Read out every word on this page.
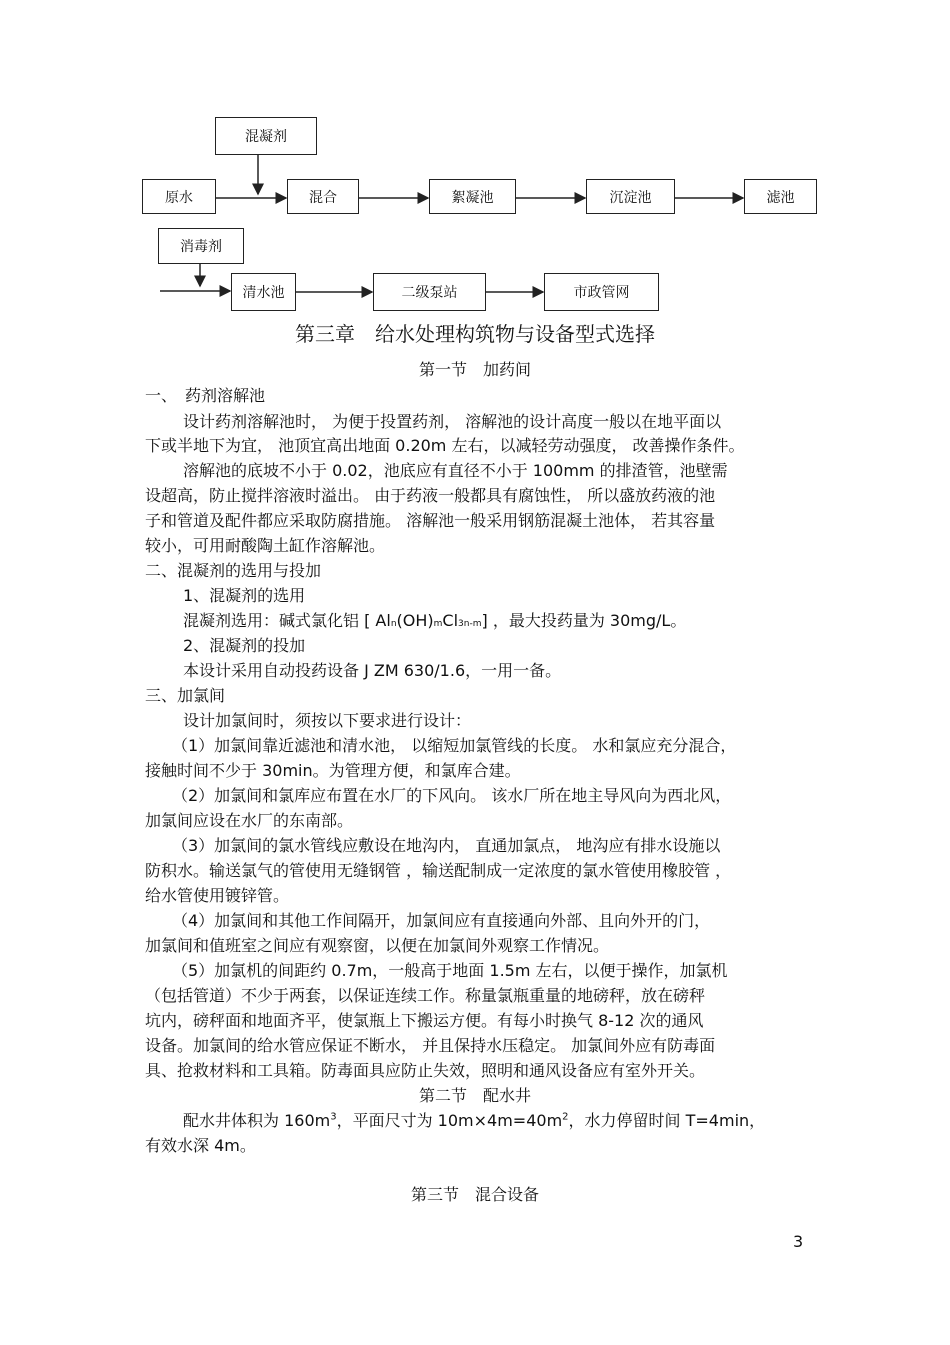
混凝剂
原水	混合	絮凝池	沉淀池	滤池
消毒剂
清水池	二级泵站	市政管网
第三章　给水处理构筑物与设备型式选择
第一节　加药间
一、　药剂溶解池
设计药剂溶解池时， 为便于投置药剂， 溶解池的设计高度一般以在地平面以
下或半地下为宜， 池顶宜高出地面 0.20m 左右，以减轻劳动强度， 改善操作条件。
溶解池的底坡不小于 0.02，池底应有直径不小于 100mm 的排渣管，池壁需
设超高，防止搅拌溶液时溢出。 由于药液一般都具有腐蚀性， 所以盛放药液的池
子和管道及配件都应采取防腐措施。 溶解池一般采用钢筋混凝土池体， 若其容量
较小，可用耐酸陶土缸作溶解池。
二、混凝剂的选用与投加
1、混凝剂的选用
混凝剂选用：碱式氯化铝 [ Aln(OH)mCl3n-m] ，最大投药量为 30mg/L。
2、混凝剂的投加
本设计采用自动投药设备 J ZM 630/1.6，一用一备。
三、加氯间
设计加氯间时，须按以下要求进行设计：
（1）加氯间靠近滤池和清水池， 以缩短加氯管线的长度。 水和氯应充分混合，
接触时间不少于 30min。为管理方便，和氯库合建。
（2）加氯间和氯库应布置在水厂的下风向。 该水厂所在地主导风向为西北风，
加氯间应设在水厂的东南部。
（3）加氯间的氯水管线应敷设在地沟内， 直通加氯点， 地沟应有排水设施以
防积水。输送氯气的管使用无缝钢管 ，输送配制成一定浓度的氯水管使用橡胶管 ，
给水管使用镀锌管。
（4）加氯间和其他工作间隔开，加氯间应有直接通向外部、且向外开的门，
加氯间和值班室之间应有观察窗，以便在加氯间外观察工作情况。
（5）加氯机的间距约 0.7m，一般高于地面 1.5m 左右，以便于操作，加氯机
（包括管道）不少于两套，以保证连续工作。称量氯瓶重量的地磅秤，放在磅秤
坑内，磅秤面和地面齐平，使氯瓶上下搬运方便。有每小时换气 8-12 次的通风
设备。加氯间的给水管应保证不断水， 并且保持水压稳定。 加氯间外应有防毒面
具、抢救材料和工具箱。防毒面具应防止失效，照明和通风设备应有室外开关。
第二节　配水井
配水井体积为 $160m^3$，平面尺寸为 $10m\times 4m=40m^2$，水力停留时间 T=4min，
有效水深 4m。
第三节　混合设备
3
